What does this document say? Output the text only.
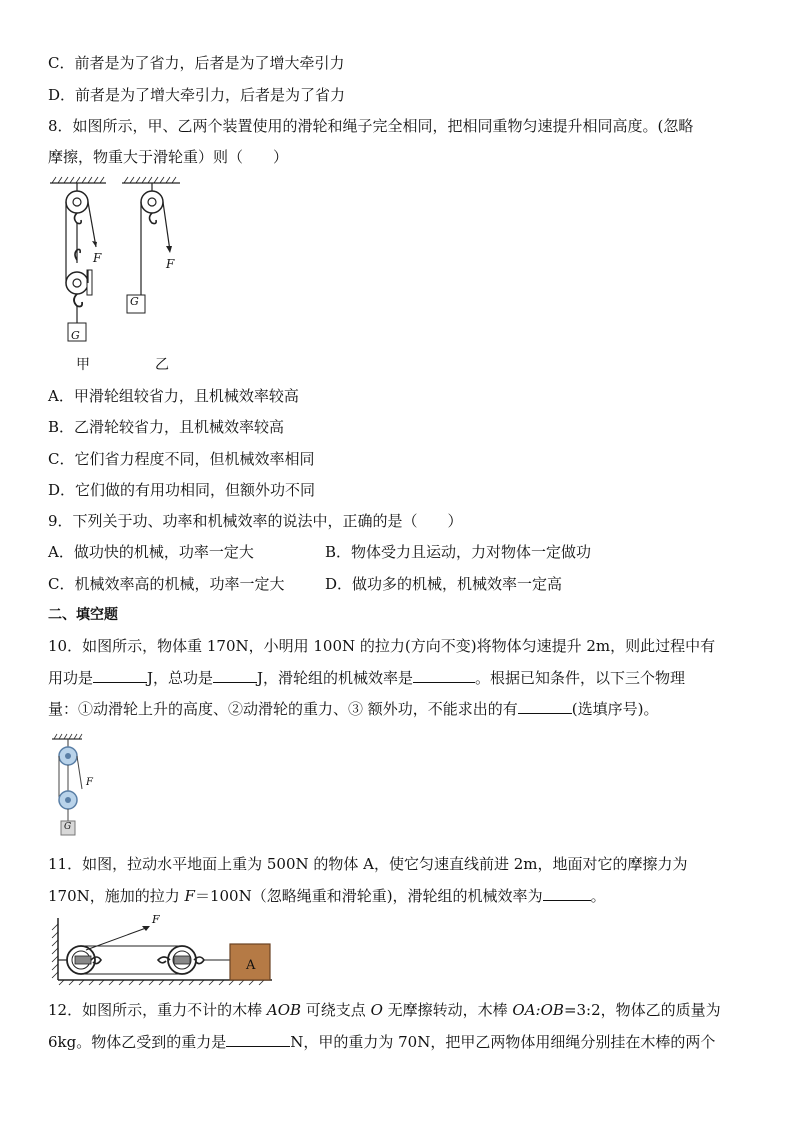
C．前者是为了省力，后者是为了增大牵引力
D．前者是为了增大牵引力，后者是为了省力
8．如图所示，甲、乙两个装置使用的滑轮和绳子完全相同，把相同重物匀速提升相同高度。(忽略
摩擦，物重大于滑轮重）则（　　）
F	F
G
G
甲	乙
A．甲滑轮组较省力，且机械效率较高
B．乙滑轮较省力，且机械效率较高
C．它们省力程度不同，但机械效率相同
D．它们做的有用功相同，但额外功不同
9．下列关于功、功率和机械效率的说法中，正确的是（　　）
A．做功快的机械，功率一定大	B．物体受力且运动，力对物体一定做功
C．机械效率高的机械，功率一定大	D．做功多的机械，机械效率一定高
二、填空题
10．如图所示，物体重 170N，小明用 100N 的拉力(方向不变)将物体匀速提升 2m，则此过程中有
用功是	J，总功是	J，滑轮组的机械效率是	。根据已知条件，以下三个物理
量：①动滑轮上升的高度、②动滑轮的重力、③ 额外功，不能求出的有	(选填序号)。
F
G
11．如图，拉动水平地面上重为 500N 的物体 A，使它匀速直线前进 2m，地面对它的摩擦力为
170N，施加的拉力 F＝100N（忽略绳重和滑轮重)，滑轮组的机械效率为	。
F
A
12．如图所示，重力不计的木棒 AOB 可绕支点 O 无摩擦转动，木棒 OA:OB=3:2，物体乙的质量为
6kg。物体乙受到的重力是	N，甲的重力为 70N，把甲乙两物体用细绳分别挂在木棒的两个
